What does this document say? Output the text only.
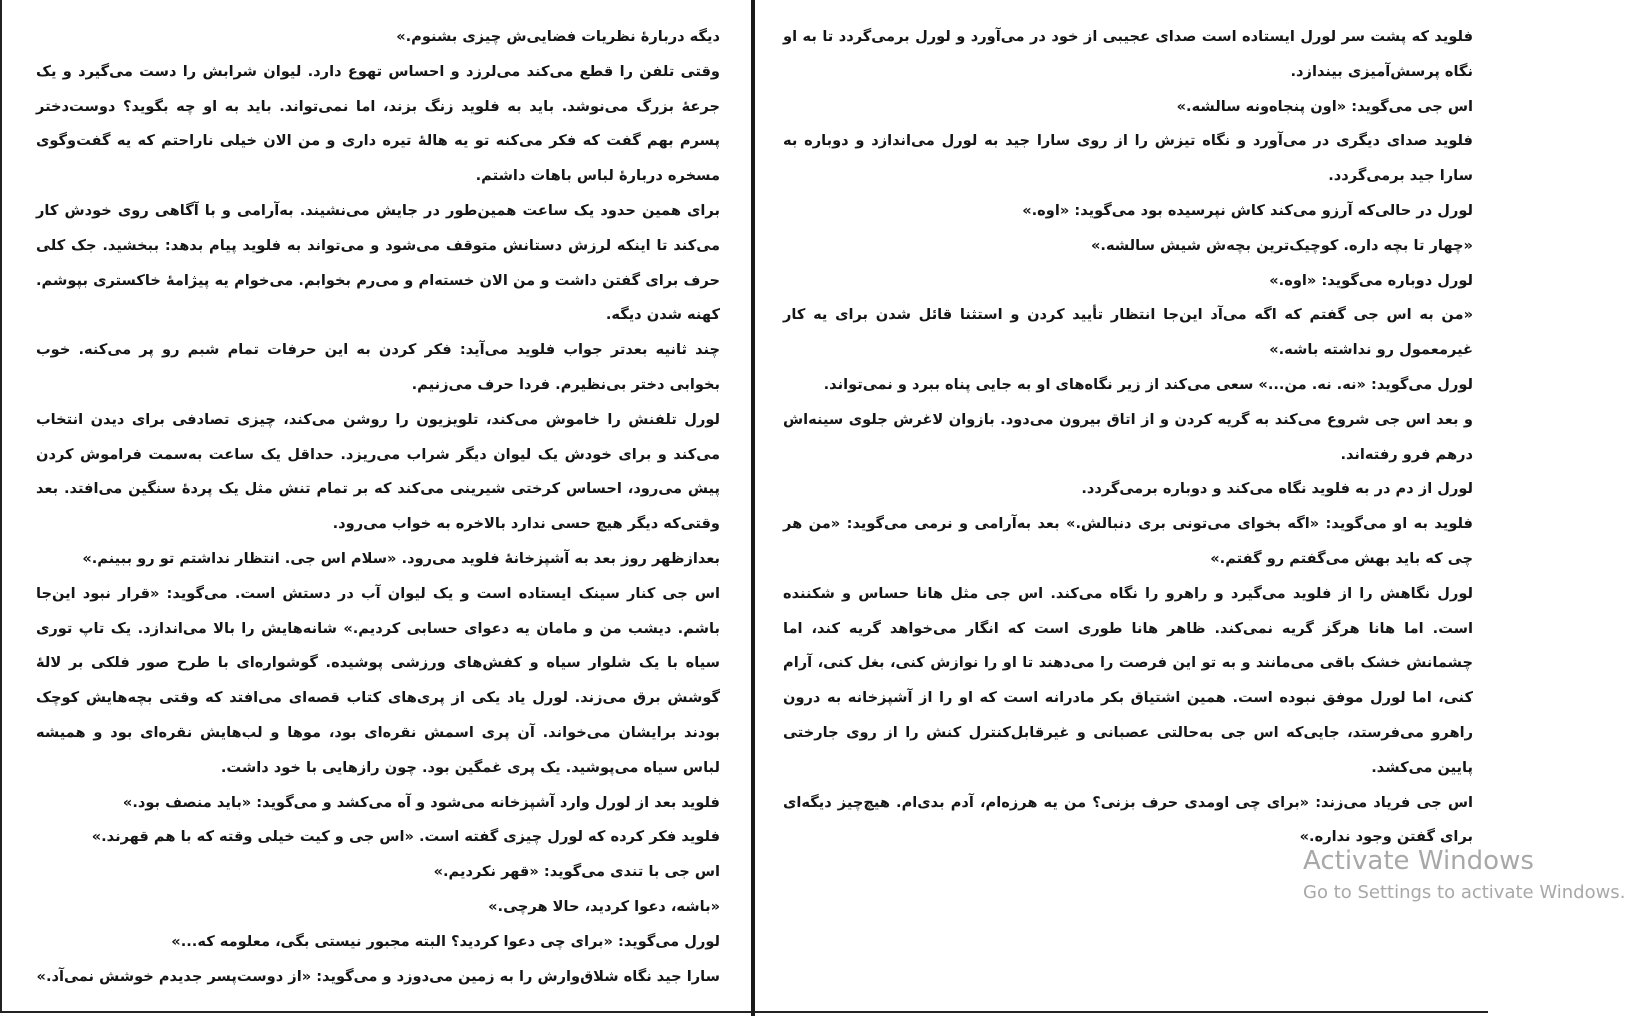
دیگه دربارهٔ نظریات فضایی‌ش چیزی بشنوم.»

وقتی تلفن را قطع می‌کند می‌لرزد و احساس تهوع دارد. لیوان شرابش را دست می‌گیرد و یک جرعهٔ بزرگ می‌نوشد. باید به فلوید زنگ بزند، اما نمی‌تواند. باید به او چه بگوید؟ دوست‌دختر پسرم بهم گفت که فکر می‌کنه تو یه هالهٔ تیره داری و من الان خیلی ناراحتم که یه گفت‌وگوی مسخره دربارهٔ لباس باهات داشتم.

برای همین حدود یک ساعت همین‌طور در جایش می‌نشیند. به‌آرامی و با آگاهی روی خودش کار می‌کند تا اینکه لرزش دستانش متوقف می‌شود و می‌تواند به فلوید پیام بدهد: ببخشید. جک کلی حرف برای گفتن داشت و من الان خسته‌ام و می‌رم بخوابم. می‌خوام یه پیژامهٔ خاکستری بپوشم. کهنه شدن دیگه.

چند ثانیه بعدتر جواب فلوید می‌آید: فکر کردن به این حرفات تمام شبم رو پر می‌کنه. خوب بخوابی دختر بی‌نظیرم. فردا حرف می‌زنیم.

لورل تلفنش را خاموش می‌کند، تلویزیون را روشن می‌کند، چیزی تصادفی برای دیدن انتخاب می‌کند و برای خودش یک لیوان دیگر شراب می‌ریزد. حداقل یک ساعت به‌سمت فراموش کردن پیش می‌رود، احساس کرختی شیرینی می‌کند که بر تمام تنش مثل یک پردهٔ سنگین می‌افتد. بعد وقتی‌که دیگر هیچ حسی ندارد بالاخره به خواب می‌رود.

بعدازظهر روز بعد به آشپزخانهٔ فلوید می‌رود. «سلام اس جی. انتظار نداشتم تو رو ببینم.»

اس جی کنار سینک ایستاده است و یک لیوان آب در دستش است. می‌گوید: «قرار نبود این‌جا باشم. دیشب من و مامان یه دعوای حسابی کردیم.» شانه‌هایش را بالا می‌اندازد. یک تاپ توری سیاه با یک شلوار سیاه و کفش‌های ورزشی پوشیده. گوشواره‌ای با طرح صور فلکی بر لالهٔ گوشش برق می‌زند. لورل یاد یکی از پری‌های کتاب قصه‌ای می‌افتد که وقتی بچه‌هایش کوچک بودند برایشان می‌خواند. آن پری اسمش نقره‌ای بود، موها و لب‌هایش نقره‌ای بود و همیشه لباس سیاه می‌پوشید. یک پری غمگین بود. چون رازهایی با خود داشت.

فلوید بعد از لورل وارد آشپزخانه می‌شود و آه می‌کشد و می‌گوید: «باید منصف بود.»

فلوید فکر کرده که لورل چیزی گفته است. «اس جی و کیت خیلی وقته که با هم قهرند.»

اس جی با تندی می‌گوید: «قهر نکردیم.»

«باشه، دعوا کردید، حالا هرچی.»

لورل می‌گوید: «برای چی دعوا کردید؟ البته مجبور نیستی بگی، معلومه که...»

سارا جید نگاه شلاق‌وارش را به زمین می‌دوزد و می‌گوید: «از دوست‌پسر جدیدم خوشش نمی‌آد.»

فلوید که پشت سر لورل ایستاده است صدای عجیبی از خود در می‌آورد و لورل برمی‌گردد تا به او نگاه پرسش‌آمیزی بیندازد.

اس جی می‌گوید: «اون پنجاه‌ونه سالشه.»

فلوید صدای دیگری در می‌آورد و نگاه تیزش را از روی سارا جید به لورل می‌اندازد و دوباره به سارا جید برمی‌گردد.

لورل در حالی‌که آرزو می‌کند کاش نپرسیده بود می‌گوید: «اوه.»

«چهار تا بچه داره. کوچیک‌ترین بچه‌ش شیش سالشه.»

لورل دوباره می‌گوید: «اوه.»

«من به اس جی گفتم که اگه می‌آد این‌جا انتظار تأیید کردن و استثنا قائل شدن برای یه کار غیرمعمول رو نداشته باشه.»

لورل می‌گوید: «نه. نه. من...» سعی می‌کند از زیر نگاه‌های او به جایی پناه ببرد و نمی‌تواند.

و بعد اس جی شروع می‌کند به گریه کردن و از اتاق بیرون می‌دود. بازوان لاغرش جلوی سینه‌اش درهم فرو رفته‌اند.

لورل از دم در به فلوید نگاه می‌کند و دوباره برمی‌گردد.

فلوید به او می‌گوید: «اگه بخوای می‌تونی بری دنبالش.» بعد به‌آرامی و نرمی می‌گوید: «من هر چی که باید بهش می‌گفتم رو گفتم.»

لورل نگاهش را از فلوید می‌گیرد و راهرو را نگاه می‌کند. اس جی مثل هانا حساس و شکننده است. اما هانا هرگز گریه نمی‌کند. ظاهر هانا طوری است که انگار می‌خواهد گریه کند، اما چشمانش خشک باقی می‌مانند و به تو این فرصت را می‌دهند تا او را نوازش کنی، بغل کنی، آرام کنی، اما لورل موفق نبوده است. همین اشتیاق بکر مادرانه است که او را از آشپزخانه به درون راهرو می‌فرستد، جایی‌که اس جی به‌حالتی عصبانی و غیرقابل‌کنترل کنش را از روی جارختی پایین می‌کشد.

اس جی فریاد می‌زند: «برای چی اومدی حرف بزنی؟ من یه هرزه‌ام، آدم بدی‌ام. هیچ‌چیز دیگه‌ای برای گفتن وجود نداره.»

Activate Windows
Go to Settings to activate Windows.
